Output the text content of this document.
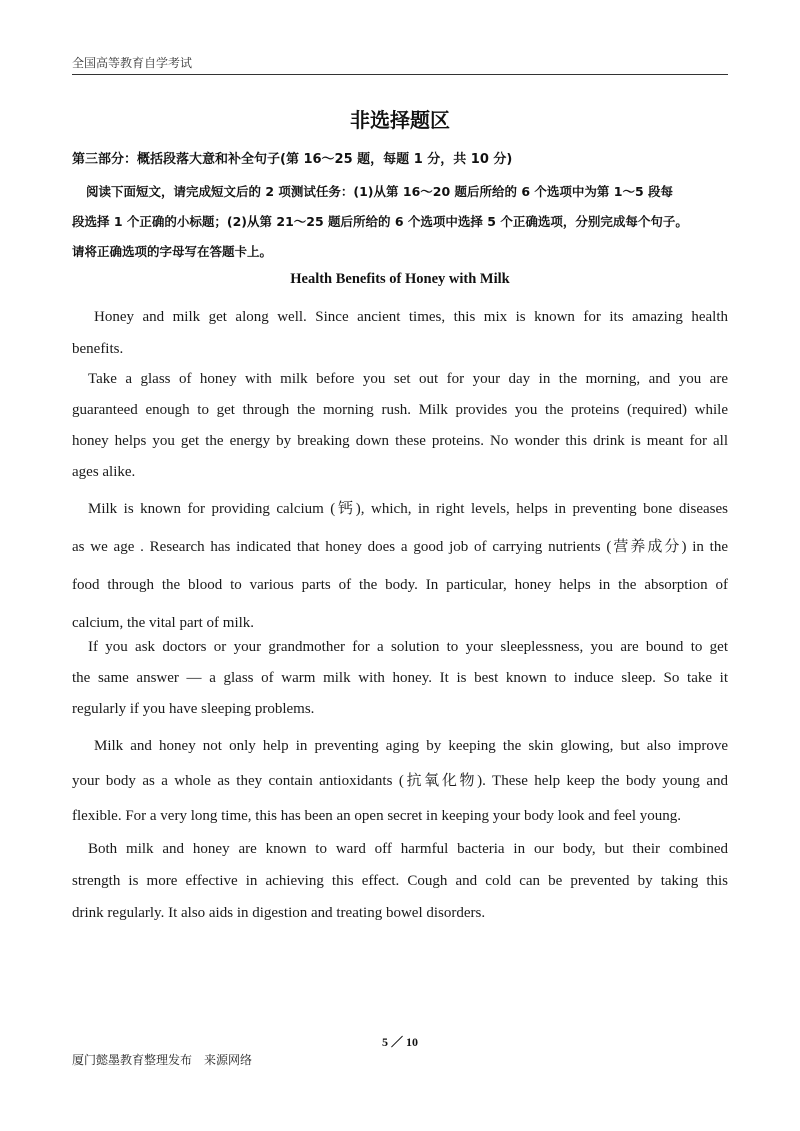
全国高等教育自学考试
非选择题区
第三部分：概括段落大意和补全句子(第 16～25 题，每题 1 分，共 10 分)

阅读下面短文，请完成短文后的 2 项测试任务：(1)从第 16～20 题后所给的 6 个选项中为第 1～5 段每

段选择 1 个正确的小标题；(2)从第 21～25 题后所给的 6 个选项中选择 5 个正确选项，分别完成每个句子。

请将正确选项的字母写在答题卡上。

Health Benefits of Honey with Milk
Honey and milk get along well. Since ancient times, this mix is known for its amazing health
benefits.
Take a glass of honey with milk before you set out for your day in the morning, and you are
guaranteed enough to get through the morning rush. Milk provides you the proteins (required) while
honey helps you get the energy by breaking down these proteins. No wonder this drink is meant for all
ages alike.
Milk is known for providing calcium (钙), which, in right levels, helps in preventing bone diseases
as we age . Research has indicated that honey does a good job of carrying nutrients (营养成分) in the
food through the blood to various parts of the body. In particular, honey helps in the absorption of
calcium, the vital part of milk.
If you ask doctors or your grandmother for a solution to your sleeplessness, you are bound to get
the same answer — a glass of warm milk with honey. It is best known to induce sleep. So take it
regularly if you have sleeping problems.
Milk and honey not only help in preventing aging by keeping the skin glowing, but also improve
your body as a whole as they contain antioxidants (抗氧化物). These help keep the body young and
flexible. For a very long time, this has been an open secret in keeping your body look and feel young.
Both milk and honey are known to ward off harmful bacteria in our body, but their combined
strength is more effective in achieving this effect. Cough and cold can be prevented by taking this
drink regularly. It also aids in digestion and treating bowel disorders.
5 ／ 10
厦门懿墨教育整理发布　来源网络
